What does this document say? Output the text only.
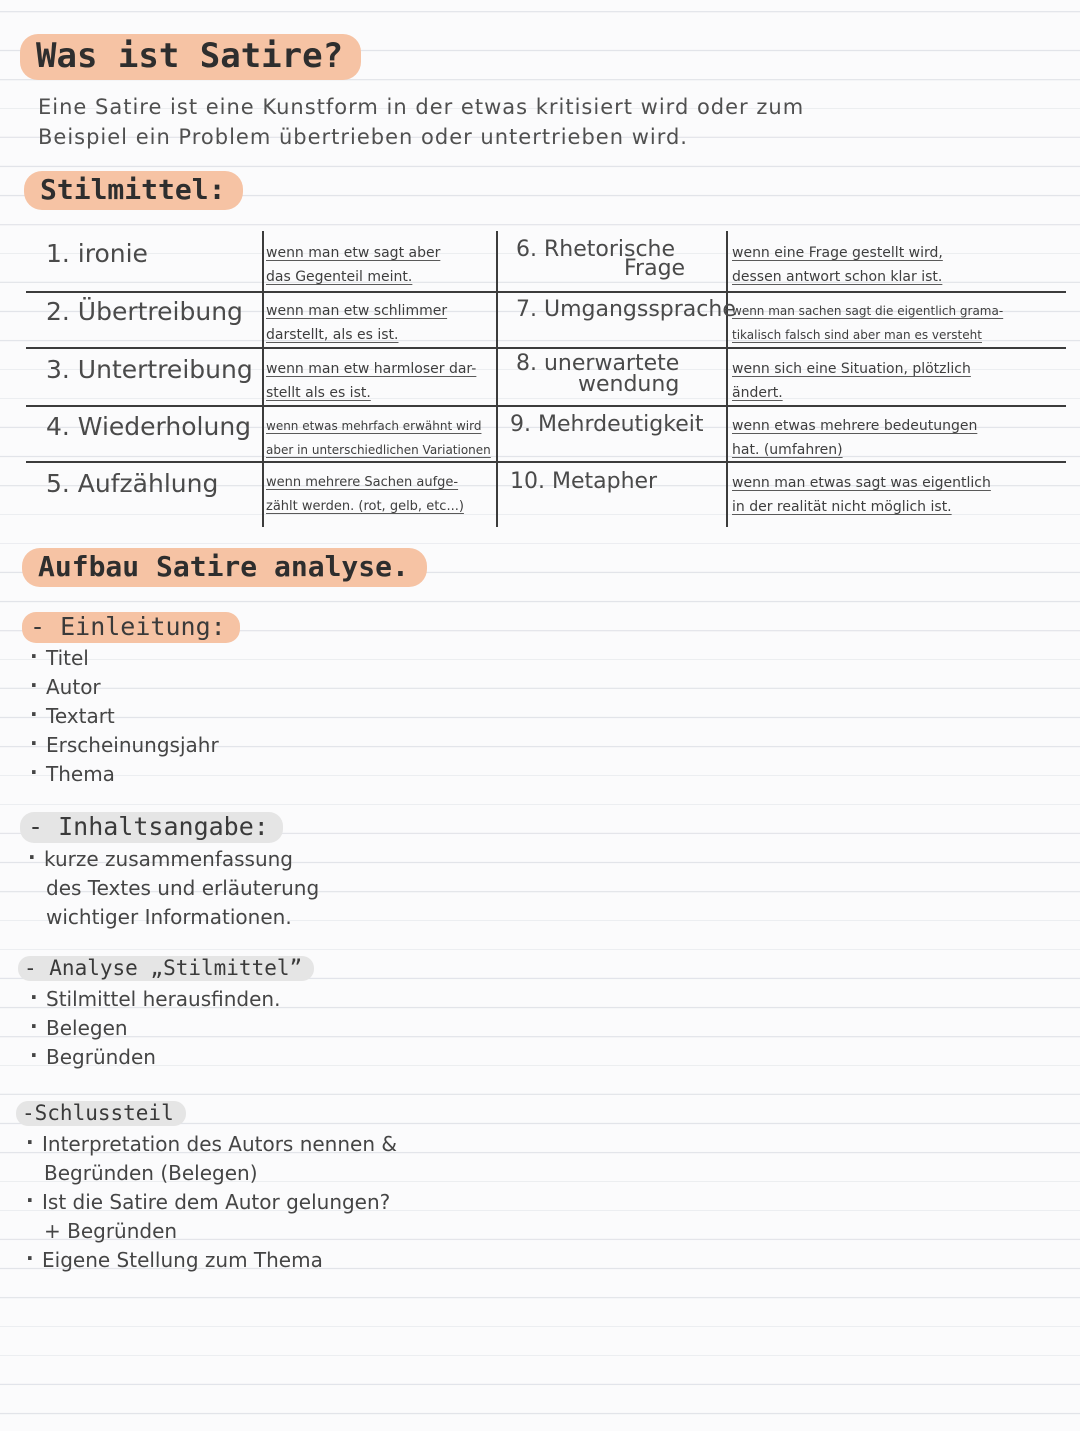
Was ist Satire?

Eine Satire ist eine Kunstform in der etwas kritisiert wird oder zum

Beispiel ein Problem übertrieben oder untertrieben wird.

Stilmittel:
1. ironie
2. Übertreibung
3. Untertreibung
4. Wiederholung
5. Aufzählung
wenn man etw sagt aber
das Gegenteil meint.
wenn man etw schlimmer
darstellt, als es ist.
wenn man etw harmloser dar-
stellt als es ist.
wenn etwas mehrfach erwähnt wird
aber in unterschiedlichen Variationen
wenn mehrere Sachen aufge-
zählt werden. (rot, gelb, etc...)
6. Rhetorische
Frage
7. Umgangssprache
8. unerwartete
wendung
9. Mehrdeutigkeit
10. Metapher
wenn eine Frage gestellt wird,
dessen antwort schon klar ist.
wenn man sachen sagt die eigentlich grama-
tikalisch falsch sind aber man es versteht
wenn sich eine Situation, plötzlich
ändert.
wenn etwas mehrere bedeutungen
hat. (umfahren)
wenn man etwas sagt was eigentlich
in der realität nicht möglich ist.
Aufbau Satire analyse.
- Einleitung:
· Titel
· Autor
· Textart
· Erscheinungsjahr
· Thema
- Inhaltsangabe:
· kurze zusammenfassung
des Textes und erläuterung
wichtiger Informationen.
- Analyse „Stilmittel”
· Stilmittel herausfinden.
· Belegen
· Begründen
-Schlussteil
· Interpretation des Autors nennen &
Begründen (Belegen)
· Ist die Satire dem Autor gelungen?
+ Begründen
· Eigene Stellung zum Thema
